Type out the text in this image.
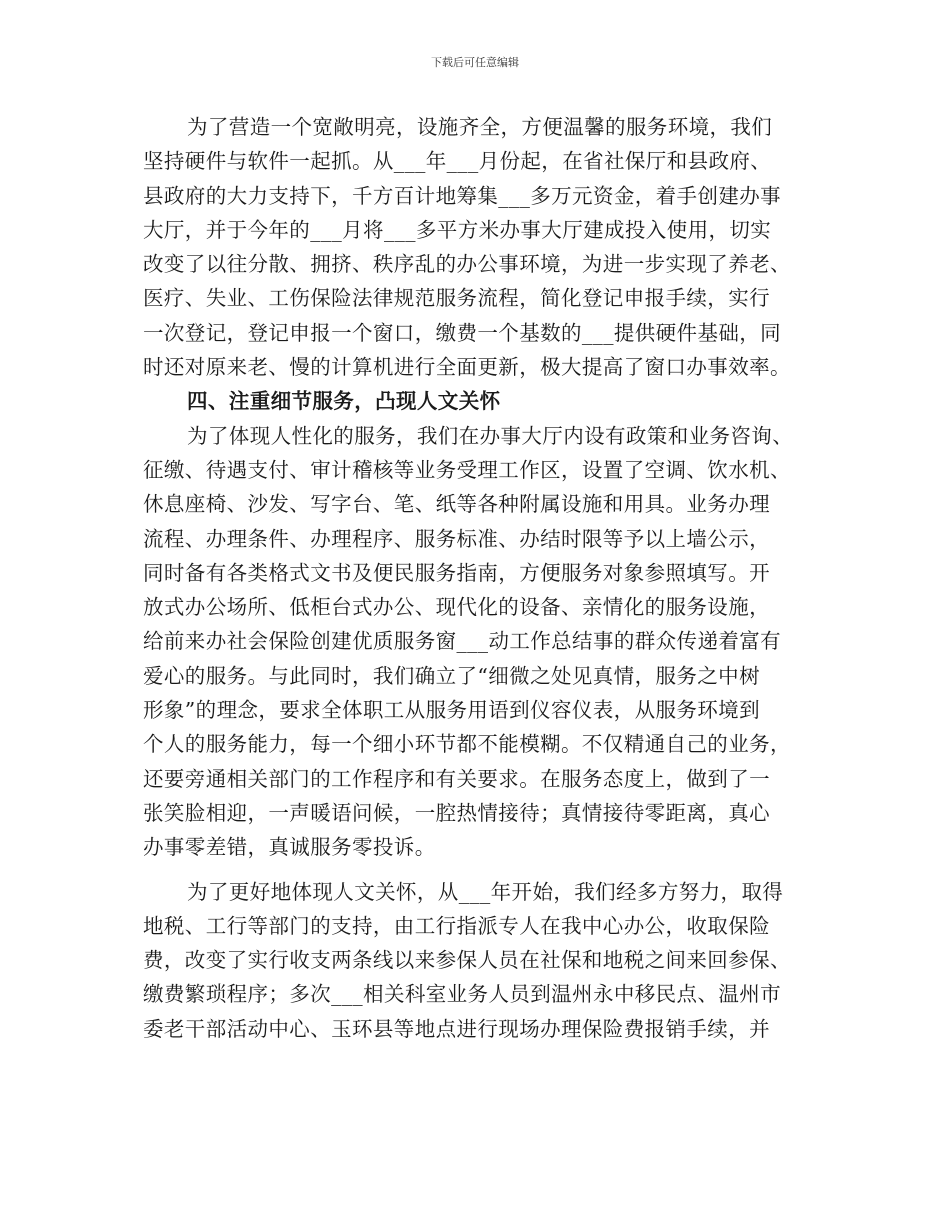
下载后可任意编辑
为了营造一个宽敞明亮，设施齐全，方便温馨的服务环境，我们
坚持硬件与软件一起抓。从___年___月份起，在省社保厅和县政府、
县政府的大力支持下，千方百计地筹集___多万元资金，着手创建办事
大厅，并于今年的___月将___多平方米办事大厅建成投入使用，切实
改变了以往分散、拥挤、秩序乱的办公事环境，为进一步实现了养老、
医疗、失业、工伤保险法律规范服务流程，简化登记申报手续，实行
一次登记，登记申报一个窗口，缴费一个基数的___提供硬件基础，同
时还对原来老、慢的计算机进行全面更新，极大提高了窗口办事效率。
四、注重细节服务，凸现人文关怀
为了体现人性化的服务，我们在办事大厅内设有政策和业务咨询、
征缴、待遇支付、审计稽核等业务受理工作区，设置了空调、饮水机、
休息座椅、沙发、写字台、笔、纸等各种附属设施和用具。业务办理
流程、办理条件、办理程序、服务标准、办结时限等予以上墙公示，
同时备有各类格式文书及便民服务指南，方便服务对象参照填写。开
放式办公场所、低柜台式办公、现代化的设备、亲情化的服务设施，
给前来办社会保险创建优质服务窗___动工作总结事的群众传递着富有
爱心的服务。与此同时，我们确立了“细微之处见真情，服务之中树
形象”的理念，要求全体职工从服务用语到仪容仪表，从服务环境到
个人的服务能力，每一个细小环节都不能模糊。不仅精通自己的业务，
还要旁通相关部门的工作程序和有关要求。在服务态度上，做到了一
张笑脸相迎，一声暖语问候，一腔热情接待；真情接待零距离，真心
办事零差错，真诚服务零投诉。
为了更好地体现人文关怀，从___年开始，我们经多方努力，取得
地税、工行等部门的支持，由工行指派专人在我中心办公，收取保险
费，改变了实行收支两条线以来参保人员在社保和地税之间来回参保、
缴费繁琐程序；多次___相关科室业务人员到温州永中移民点、温州市
委老干部活动中心、玉环县等地点进行现场办理保险费报销手续，并
